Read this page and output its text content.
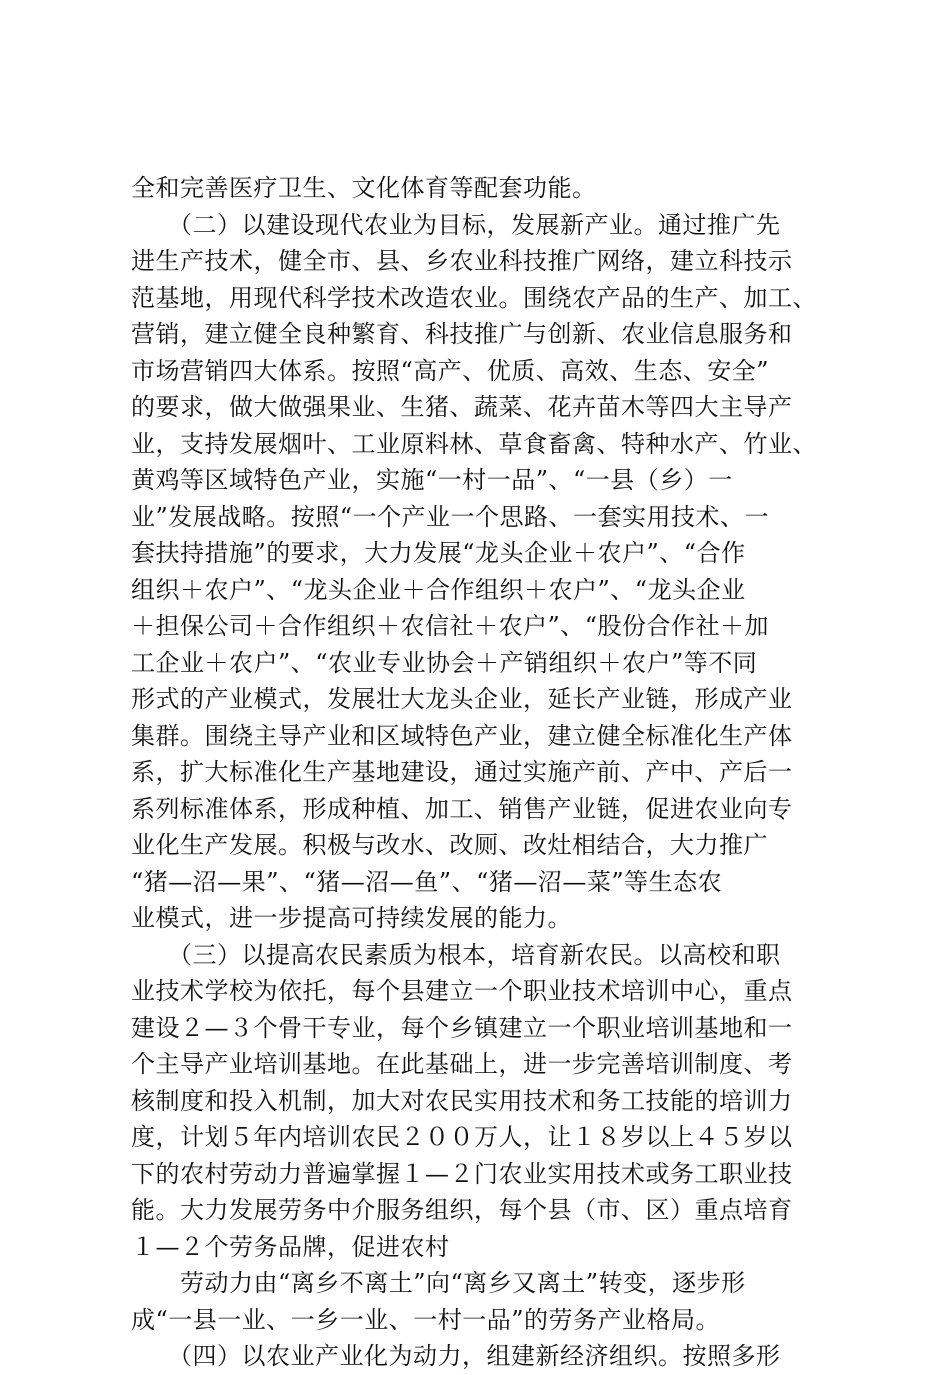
全和完善医疗卫生、文化体育等配套功能。
　　（二）以建设现代农业为目标，发展新产业。通过推广先
进生产技术，健全市、县、乡农业科技推广网络，建立科技示
范基地，用现代科学技术改造农业。围绕农产品的生产、加工、
营销，建立健全良种繁育、科技推广与创新、农业信息服务和
市场营销四大体系。按照“高产、优质、高效、生态、安全”
的要求，做大做强果业、生猪、蔬菜、花卉苗木等四大主导产
业，支持发展烟叶、工业原料林、草食畜禽、特种水产、竹业、
黄鸡等区域特色产业，实施“一村一品”、“一县（乡）一
业”发展战略。按照“一个产业一个思路、一套实用技术、一
套扶持措施”的要求，大力发展“龙头企业＋农户”、“合作
组织＋农户”、“龙头企业＋合作组织＋农户”、“龙头企业
＋担保公司＋合作组织＋农信社＋农户”、“股份合作社＋加
工企业＋农户”、“农业专业协会＋产销组织＋农户”等不同
形式的产业模式，发展壮大龙头企业，延长产业链，形成产业
集群。围绕主导产业和区域特色产业，建立健全标准化生产体
系，扩大标准化生产基地建设，通过实施产前、产中、产后一
系列标准体系，形成种植、加工、销售产业链，促进农业向专
业化生产发展。积极与改水、改厕、改灶相结合，大力推广
“猪—沼—果”、“猪—沼—鱼”、“猪—沼—菜”等生态农
业模式，进一步提高可持续发展的能力。
　　（三）以提高农民素质为根本，培育新农民。以高校和职
业技术学校为依托，每个县建立一个职业技术培训中心，重点
建设２—３个骨干专业，每个乡镇建立一个职业培训基地和一
个主导产业培训基地。在此基础上，进一步完善培训制度、考
核制度和投入机制，加大对农民实用技术和务工技能的培训力
度，计划５年内培训农民２００万人，让１８岁以上４５岁以
下的农村劳动力普遍掌握１—２门农业实用技术或务工职业技
能。大力发展劳务中介服务组织，每个县（市、区）重点培育
１—２个劳务品牌，促进农村
　　劳动力由“离乡不离土”向“离乡又离土”转变，逐步形
成“一县一业、一乡一业、一村一品”的劳务产业格局。
　　（四）以农业产业化为动力，组建新经济组织。按照多形
